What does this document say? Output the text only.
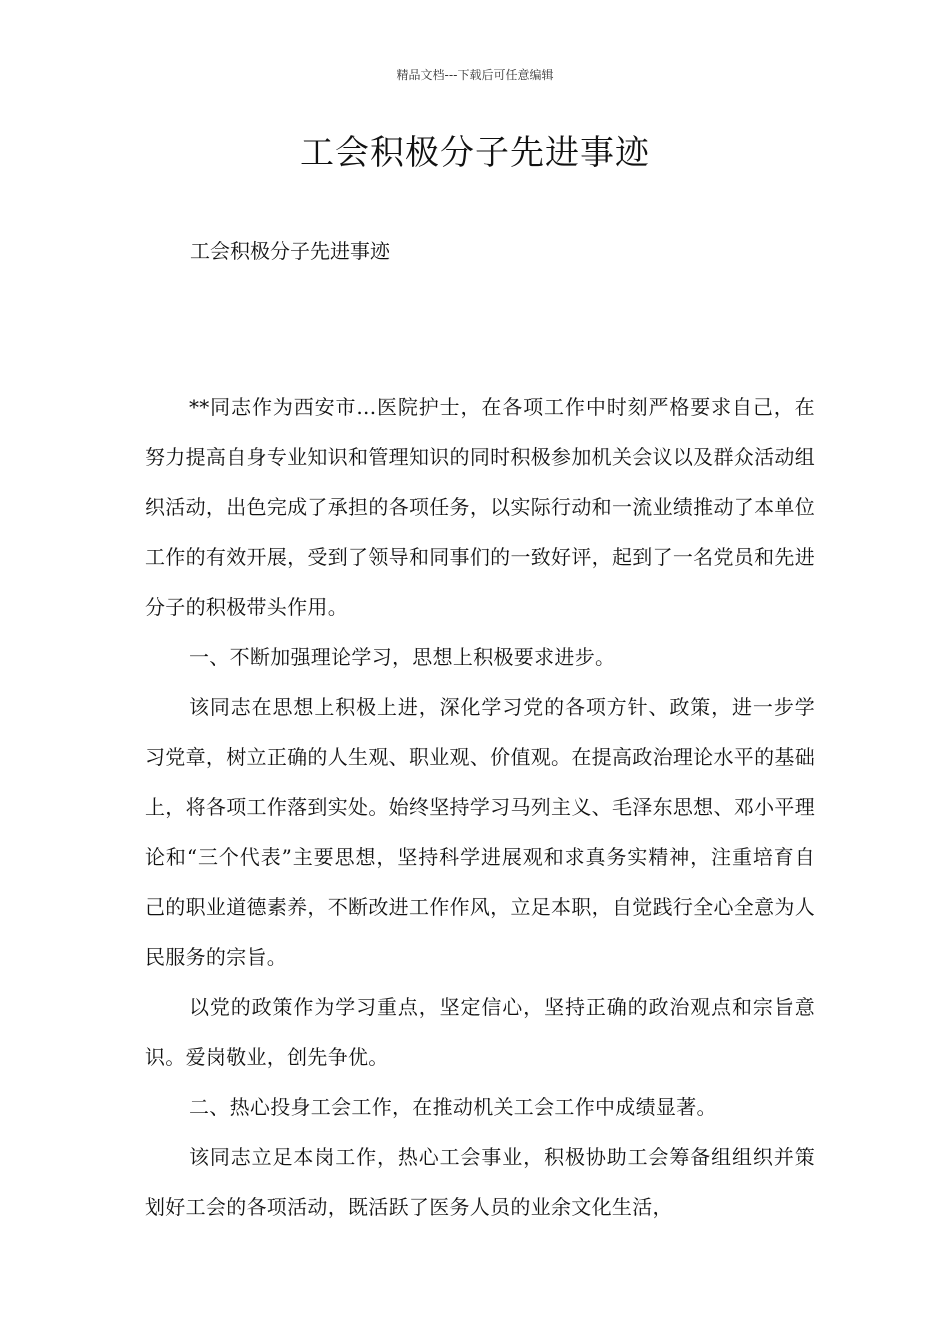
精品文档---下载后可任意编辑
工会积极分子先进事迹

工会积极分子先进事迹

**同志作为西安市...医院护士，在各项工作中时刻严格要求自己，在努力提高自身专业知识和管理知识的同时积极参加机关会议以及群众活动组织活动，出色完成了承担的各项任务，以实际行动和一流业绩推动了本单位工作的有效开展，受到了领导和同事们的一致好评，起到了一名党员和先进分子的积极带头作用。

一、不断加强理论学习，思想上积极要求进步。

该同志在思想上积极上进，深化学习党的各项方针、政策，进一步学习党章，树立正确的人生观、职业观、价值观。在提高政治理论水平的基础上，将各项工作落到实处。始终坚持学习马列主义、毛泽东思想、邓小平理论和“三个代表”主要思想，坚持科学进展观和求真务实精神，注重培育自己的职业道德素养，不断改进工作作风，立足本职，自觉践行全心全意为人民服务的宗旨。

以党的政策作为学习重点，坚定信心，坚持正确的政治观点和宗旨意识。爱岗敬业，创先争优。

二、热心投身工会工作，在推动机关工会工作中成绩显著。

该同志立足本岗工作，热心工会事业，积极协助工会筹备组组织并策划好工会的各项活动，既活跃了医务人员的业余文化生活，
